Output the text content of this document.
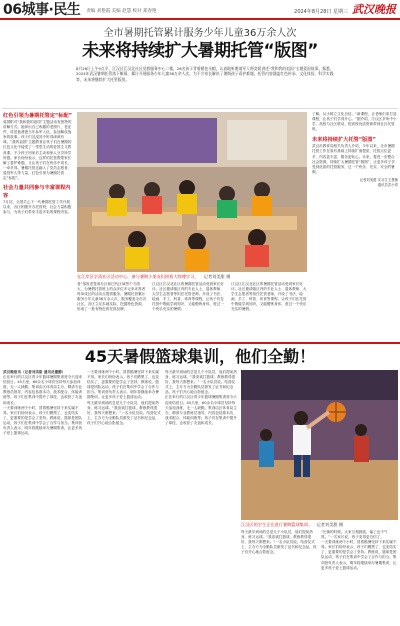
06城事·民生 责编 刘艳霞 美编 赵慧 校对 郑春艳	2024年8月28日 星期三 武汉晚报
全市暑期托管累计服务少年儿童36万余人次
未来将持续扩大暑期托管“版图”
8月26日上午9点半，江汉区江汉北社区党群服务中心二楼，26名孩子背着暖色头帽，认真地听邀请军人师竞娱讲述“我和我的祖国”主题爱国故事。据悉，2024年武汉暑期托管落下帷幕，累计开展服务少年儿童36万余人次，为不少家长解决了暑期孩子看护难题。托管内容涵盖红色传承、文化体验、科学实践等，未来将继续扩大托管版图。
红色引领为暑期托管定“标配”
莫国彬对“我和我的祖国”主题活动有独特的讲解方式。她拿出自己收藏的老照片、老证件，讲述他爸爸当年参军入伍、参加解放战争的故事。孩子们沉浸其中听得津津有味。“我的祖国”主题教育让孩子们在暑期的红色文化中接受了一堂堂生动的爱国主义教育课。不少孩子回家后主动和家人分享所学所感。家长纷纷表示，这样的托管既帮家长解了看护难题，又让孩子们在快乐中成长，一举多得。暑期托管还融入了党员志愿者、退役军人等力量，红色引领为暑期托管定“标配”。
社会力量共同参与丰富课程内容
7月初，全国关心下一代暑期托管工作开展以来，各区相继开办托管班，社会力量积极参与，为孩子们带来丰富多彩的课程内容。
在江岸区学清社区活动中心，参与暑期小朋友们围着大师傅学习。 记者刘美甜 摄
者“邹姓老是谁办区和巴代区域等个方面大，为暑假托管班上的众多位多元来评准者每单成区的活动点提供服务。暑期托管累计服务少年儿童36万余人次，服务覆盖全市各社区，各区立足本地实际，挖掘特色资源，形成了一批有特色的托管品牌。
江汉区江汉北社区的暑期托管活动受到家长好评。社区邀请辖区内的专业人士、退休教师、大学生志愿者等担任托管老师，开设了书法、绘画、手工、科普、体育等课程，让孩子们在托管中既能学到知识，又能锻炼身体，度过一个快乐充实的暑假。
江汉区江汉北社区的暑期托管活动受到家长好评。社区邀请辖区内的专业人士、退休教师、大学生志愿者等担任托管老师，开设了书法、绘画、手工、科普、体育等课程，让孩子们在托管中既能学到知识，又能锻炼身体，度过一个快乐充实的暑假。
了解，从小树立文化自信。“新课程，让老师们来打造课程，让孩子们学得开心。”据介绍，江汉区多所中小学、高校与社区联动，把高校优质资源带到社区托管班。
未来将持续扩大托管“版图”
武汉市教育局相关负责人介绍，今年以来，全市暑期托管工作在原有基础上持续扩面提质，托管点位更多、内容更丰富、服务更贴心。未来，将进一步整合社会资源，持续扩大暑期托管“版图”，让更多孩子享受到优质的托管服务，过一个快乐、充实、安全的暑假。
记者刘美甜 实习生王慧敏
通讯员武小青
45天暑假篮球集训，他们全勤！
武汉晚报讯（记者刘美甜 通讯员董静）
正在举行的江汉区青少年篮球暑期集训营今天迎来结营日。45天里，60余名小球员坚持每天参加训练，无一人缺勤。集训由区体育局主办，聘请专业教练员指导，内容包括基本功、战术配合、体能训练等。孩子们在集训中提升了球技，也收获了友谊和成长。
一天要训练两个小时，冒着酷暑坚持下来实属不易。家长们纷纷表示，孩子们晒黑了，也变结实了，更重要的是学会了坚持。教练说，篮球是团队运动，孩子们在集训中学会了合作与担当。集训营负责人表示，明年将继续举办暑期集训，让更多孩子爱上篮球运动。
一天要训练两个小时，冒着酷暑坚持下来实属不易。家长们纷纷表示，孩子们晒黑了，也变结实了，更重要的是学会了坚持。教练说，篮球是团队运动，孩子们在集训中学会了合作与担当。集训营负责人表示，明年将继续举办暑期集训，让更多孩子爱上篮球运动。
每天最早到场的总是几个小队员，他们提前热身、练习运球。“我喜欢打篮球，教练教得很好，我每天都想来。”一名小队员说。结营仪式上，主办方为全勤队员颁发了证书和纪念品，孩子们开心地合影留念。
每天最早到场的总是几个小队员，他们提前热身、练习运球。“我喜欢打篮球，教练教得很好，我每天都想来。”一名小队员说。结营仪式上，主办方为全勤队员颁发了证书和纪念品，孩子们开心地合影留念。
正在举行的江汉区青少年篮球暑期集训营今天迎来结营日。45天里，60余名小球员坚持每天参加训练，无一人缺勤。集训由区体育局主办，聘请专业教练员指导，内容包括基本功、战术配合、体能训练等。孩子们在集训中提升了球技，也收获了友谊和成长。
江汉区的学生正在进行暑期篮球集训。 记者刘美甜 摄
每天最早到场的总是几个小队员，他们提前热身、练习运球。“我喜欢打篮球，教练教得很好，我每天都想来。”一名小队员说。结营仪式上，主办方为全勤队员颁发了证书和纪念品，孩子们开心地合影留念。
“比赛的时候，大家互相鼓励，输了也不气馁。”一名家长说，孩子变得更自信了。
一天要训练两个小时，冒着酷暑坚持下来实属不易。家长们纷纷表示，孩子们晒黑了，也变结实了，更重要的是学会了坚持。教练说，篮球是团队运动，孩子们在集训中学会了合作与担当。集训营负责人表示，明年将继续举办暑期集训，让更多孩子爱上篮球运动。
